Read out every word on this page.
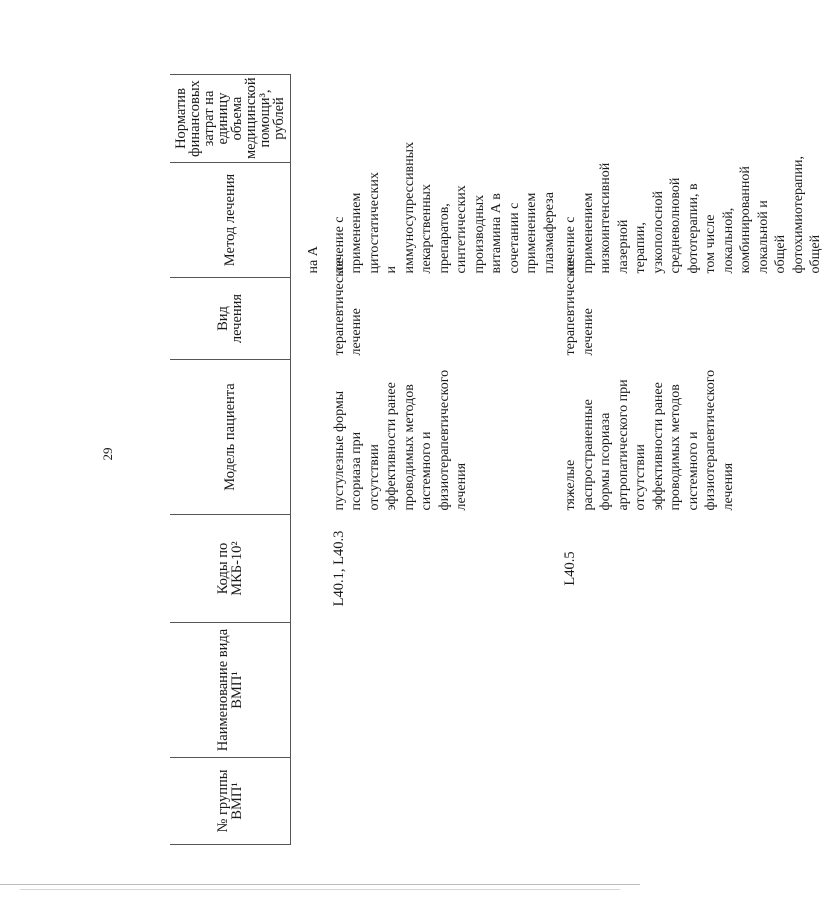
29
№ группы ВМП¹	Наименование вида ВМП¹	Коды по МКБ-10²	Модель пациента	Вид лечения	Метод лечения	Норматив финансовых затрат на единицу объема медицинской помощи³, рублей

					на А	

		L40.1, L40.3	пустулезные формы псориаза при отсутствии эффективности ранее проводимых методов системного и физиотерапевтического лечения	терапевтическое лечение	лечение с применением цитостатических и иммуносупрессивных лекарственных препаратов, синтетических производных витамина А в сочетании с применением плазмафереза	
		L40.5	тяжелые распространенные формы псориаза артропатического при отсутствии эффективности ранее проводимых методов системного и физиотерапевтического лечения	терапевтическое лечение	лечение с применением низкоинтенсивной лазерной терапии, узкополосной средневолновой фототерапии, в том числе локальной, комбинированной локальной и общей фотохимиотерапии, общей	
